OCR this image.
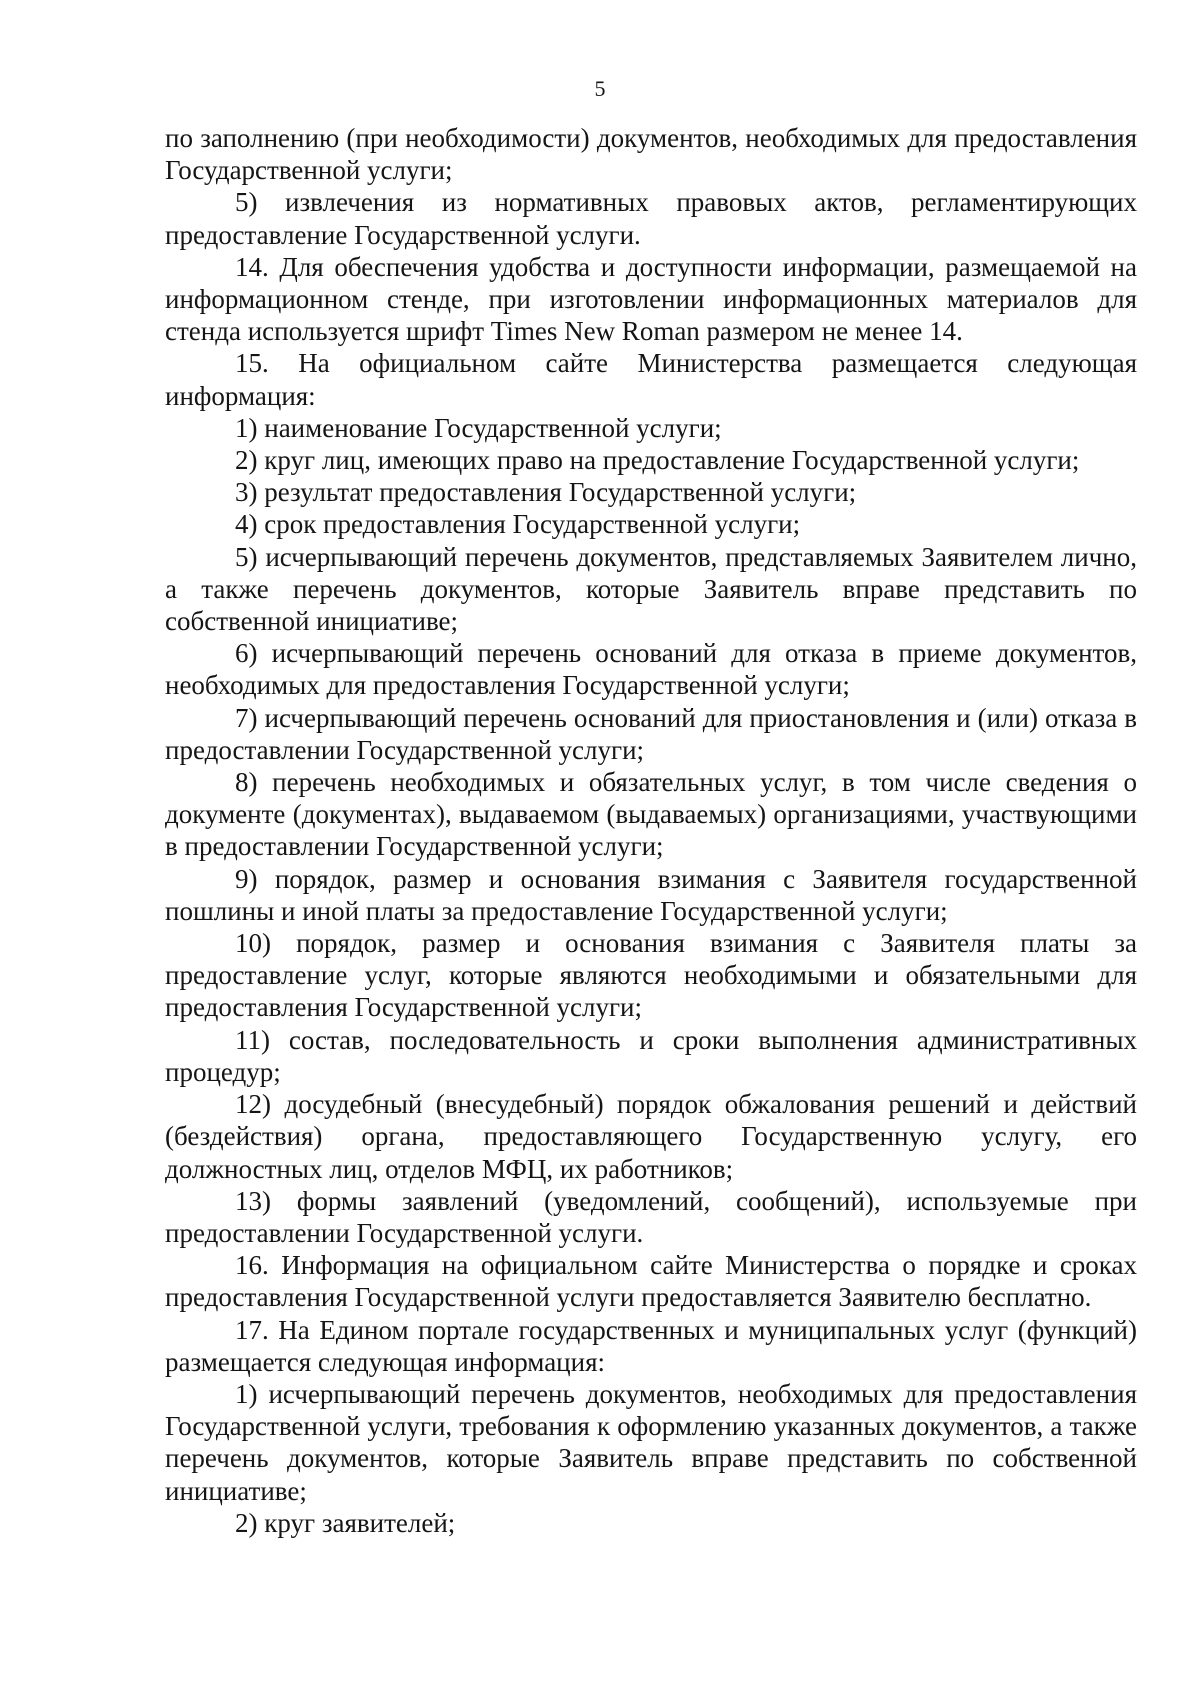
5

по заполнению (при необходимости) документов, необходимых для предоставления Государственной услуги;

5) извлечения из нормативных правовых актов, регламентирующих предоставление Государственной услуги.

14. Для обеспечения удобства и доступности информации, размещаемой на информационном стенде, при изготовлении информационных материалов для стенда используется шрифт Times New Roman размером не менее 14.

15. На официальном сайте Министерства размещается следующая информация:

1) наименование Государственной услуги;

2) круг лиц, имеющих право на предоставление Государственной услуги;

3) результат предоставления Государственной услуги;

4) срок предоставления Государственной услуги;

5) исчерпывающий перечень документов, представляемых Заявителем лично, а также перечень документов, которые Заявитель вправе представить по собственной инициативе;

6) исчерпывающий перечень оснований для отказа в приеме документов, необходимых для предоставления Государственной услуги;

7) исчерпывающий перечень оснований для приостановления и (или) отказа в предоставлении Государственной услуги;

8) перечень необходимых и обязательных услуг, в том числе сведения о документе (документах), выдаваемом (выдаваемых) организациями, участвующими в предоставлении Государственной услуги;

9) порядок, размер и основания взимания с Заявителя государственной пошлины и иной платы за предоставление Государственной услуги;

10) порядок, размер и основания взимания с Заявителя платы за предоставление услуг, которые являются необходимыми и обязательными для предоставления Государственной услуги;

11) состав, последовательность и сроки выполнения административных процедур;

12) досудебный (внесудебный) порядок обжалования решений и действий (бездействия) органа, предоставляющего Государственную услугу, его должностных лиц, отделов МФЦ, их работников;

13) формы заявлений (уведомлений, сообщений), используемые при предоставлении Государственной услуги.

16. Информация на официальном сайте Министерства о порядке и сроках предоставления Государственной услуги предоставляется Заявителю бесплатно.

17. На Едином портале государственных и муниципальных услуг (функций) размещается следующая информация:

1) исчерпывающий перечень документов, необходимых для предоставления Государственной услуги, требования к оформлению указанных документов, а также перечень документов, которые Заявитель вправе представить по собственной инициативе;

2) круг заявителей;
